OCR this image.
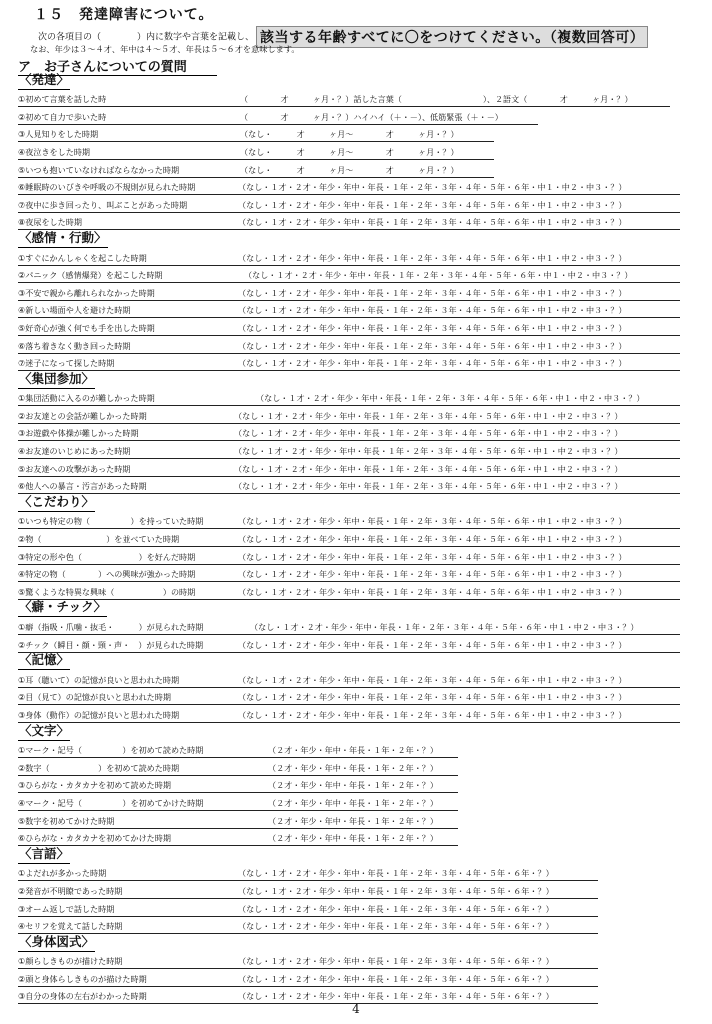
１５　発達障害について。
次の各項目の（　　　　）内に数字や言葉を記載し、 該当する年齢すべてに〇をつけてください。（複数回答可）
なお、年少は３～４才、年中は４～５才、年長は５～６才を意味します。
ア　お子さんについての質問
〈発達〉
①初めて言葉を話した時	（　　　　才　　　ヶ月・？）話した言葉（　　　　　　　　　　）、２語文（　　　　才　　　ヶ月・？）
②初めて自力で歩いた時	（　　　　才　　　ヶ月・？）ハイハイ（＋・－）、低筋緊張（＋・－）
③人見知りをした時期	（なし・　　　才　　　ヶ月～　　　　才　　　ヶ月・？）
④夜泣きをした時期	（なし・　　　才　　　ヶ月～　　　　才　　　ヶ月・？）
⑤いつも抱いていなければならなかった時期	（なし・　　　才　　　ヶ月～　　　　才　　　ヶ月・？）
⑥睡眠時のいびきや呼吸の不規則が見られた時期	（なし・１才・２才・年少・年中・年長・１年・２年・３年・４年・５年・６年・中１・中２・中３・？）
⑦夜中に歩き回ったり、叫ぶことがあった時期	（なし・１才・２才・年少・年中・年長・１年・２年・３年・４年・５年・６年・中１・中２・中３・？）
⑧夜尿をした時期	（なし・１才・２才・年少・年中・年長・１年・２年・３年・４年・５年・６年・中１・中２・中３・？）
〈感情・行動〉
①すぐにかんしゃくを起こした時期	（なし・１才・２才・年少・年中・年長・１年・２年・３年・４年・５年・６年・中１・中２・中３・？）
②パニック（感情爆発）を起こした時期	（なし・１才・２才・年少・年中・年長・１年・２年・３年・４年・５年・６年・中１・中２・中３・？）
③不安で親から離れられなかった時期	（なし・１才・２才・年少・年中・年長・１年・２年・３年・４年・５年・６年・中１・中２・中３・？）
④新しい場面や人を避けた時期	（なし・１才・２才・年少・年中・年長・１年・２年・３年・４年・５年・６年・中１・中２・中３・？）
⑤好奇心が強く何でも手を出した時期	（なし・１才・２才・年少・年中・年長・１年・２年・３年・４年・５年・６年・中１・中２・中３・？）
⑥落ち着きなく動き回った時期	（なし・１才・２才・年少・年中・年長・１年・２年・３年・４年・５年・６年・中１・中２・中３・？）
⑦迷子になって探した時期	（なし・１才・２才・年少・年中・年長・１年・２年・３年・４年・５年・６年・中１・中２・中３・？）
〈集団参加〉
①集団活動に入るのが難しかった時期	（なし・１才・２才・年少・年中・年長・１年・２年・３年・４年・５年・６年・中１・中２・中３・？）
②お友達との会話が難しかった時期	（なし・１才・２才・年少・年中・年長・１年・２年・３年・４年・５年・６年・中１・中２・中３・？）
③お遊戯や体操が難しかった時期	（なし・１才・２才・年少・年中・年長・１年・２年・３年・４年・５年・６年・中１・中２・中３・？）
④お友達のいじめにあった時期	（なし・１才・２才・年少・年中・年長・１年・２年・３年・４年・５年・６年・中１・中２・中３・？）
⑤お友達への攻撃があった時期	（なし・１才・２才・年少・年中・年長・１年・２年・３年・４年・５年・６年・中１・中２・中３・？）
⑥他人への暴言・汚言があった時期	（なし・１才・２才・年少・年中・年長・１年・２年・３年・４年・５年・６年・中１・中２・中３・？）
〈こだわり〉
①いつも特定の物（　　　　　）を持っていた時期	（なし・１才・２才・年少・年中・年長・１年・２年・３年・４年・５年・６年・中１・中２・中３・？）
②物（　　　　　　　　）を並べていた時期	（なし・１才・２才・年少・年中・年長・１年・２年・３年・４年・５年・６年・中１・中２・中３・？）
③特定の形や色（　　　　　　　）を好んだ時期	（なし・１才・２才・年少・年中・年長・１年・２年・３年・４年・５年・６年・中１・中２・中３・？）
④特定の物（　　　　）への興味が強かった時期	（なし・１才・２才・年少・年中・年長・１年・２年・３年・４年・５年・６年・中１・中２・中３・？）
⑤驚くような特異な興味（　　　　　　）の時期	（なし・１才・２才・年少・年中・年長・１年・２年・３年・４年・５年・６年・中１・中２・中３・？）
〈癖・チック〉
①癖（指吸・爪噛・抜毛・　　　）が見られた時期	（なし・１才・２才・年少・年中・年長・１年・２年・３年・４年・５年・６年・中１・中２・中３・？）
②チック（瞬目・顔・頸・声・　）が見られた時期	（なし・１才・２才・年少・年中・年長・１年・２年・３年・４年・５年・６年・中１・中２・中３・？）
〈記憶〉
①耳（聴いて）の記憶が良いと思われた時期	（なし・１才・２才・年少・年中・年長・１年・２年・３年・４年・５年・６年・中１・中２・中３・？）
②目（見て）の記憶が良いと思われた時期	（なし・１才・２才・年少・年中・年長・１年・２年・３年・４年・５年・６年・中１・中２・中３・？）
③身体（動作）の記憶が良いと思われた時期	（なし・１才・２才・年少・年中・年長・１年・２年・３年・４年・５年・６年・中１・中２・中３・？）
〈文字〉
①マーク・記号（　　　　　）を初めて読めた時期	（２才・年少・年中・年長・１年・２年・？）
②数字（　　　　　　）を初めて読めた時期	（２才・年少・年中・年長・１年・２年・？）
③ひらがな・カタカナを初めて読めた時期	（２才・年少・年中・年長・１年・２年・？）
④マーク・記号（　　　　　）を初めてかけた時期	（２才・年少・年中・年長・１年・２年・？）
⑤数字を初めてかけた時期	（２才・年少・年中・年長・１年・２年・？）
⑥ひらがな・カタカナを初めてかけた時期	（２才・年少・年中・年長・１年・２年・？）
〈言語〉
①よだれが多かった時期	（なし・１才・２才・年少・年中・年長・１年・２年・３年・４年・５年・６年・？）
②発音が不明瞭であった時期	（なし・１才・２才・年少・年中・年長・１年・２年・３年・４年・５年・６年・？）
③オーム返しで話した時期	（なし・１才・２才・年少・年中・年長・１年・２年・３年・４年・５年・６年・？）
④セリフを覚えて話した時期	（なし・１才・２才・年少・年中・年長・１年・２年・３年・４年・５年・６年・？）
〈身体図式〉
①顔らしきものが描けた時期	（なし・１才・２才・年少・年中・年長・１年・２年・３年・４年・５年・６年・？）
②頭と身体らしきものが描けた時期	（なし・１才・２才・年少・年中・年長・１年・２年・３年・４年・５年・６年・？）
③自分の身体の左右がわかった時期	（なし・１才・２才・年少・年中・年長・１年・２年・３年・４年・５年・６年・？）
4
